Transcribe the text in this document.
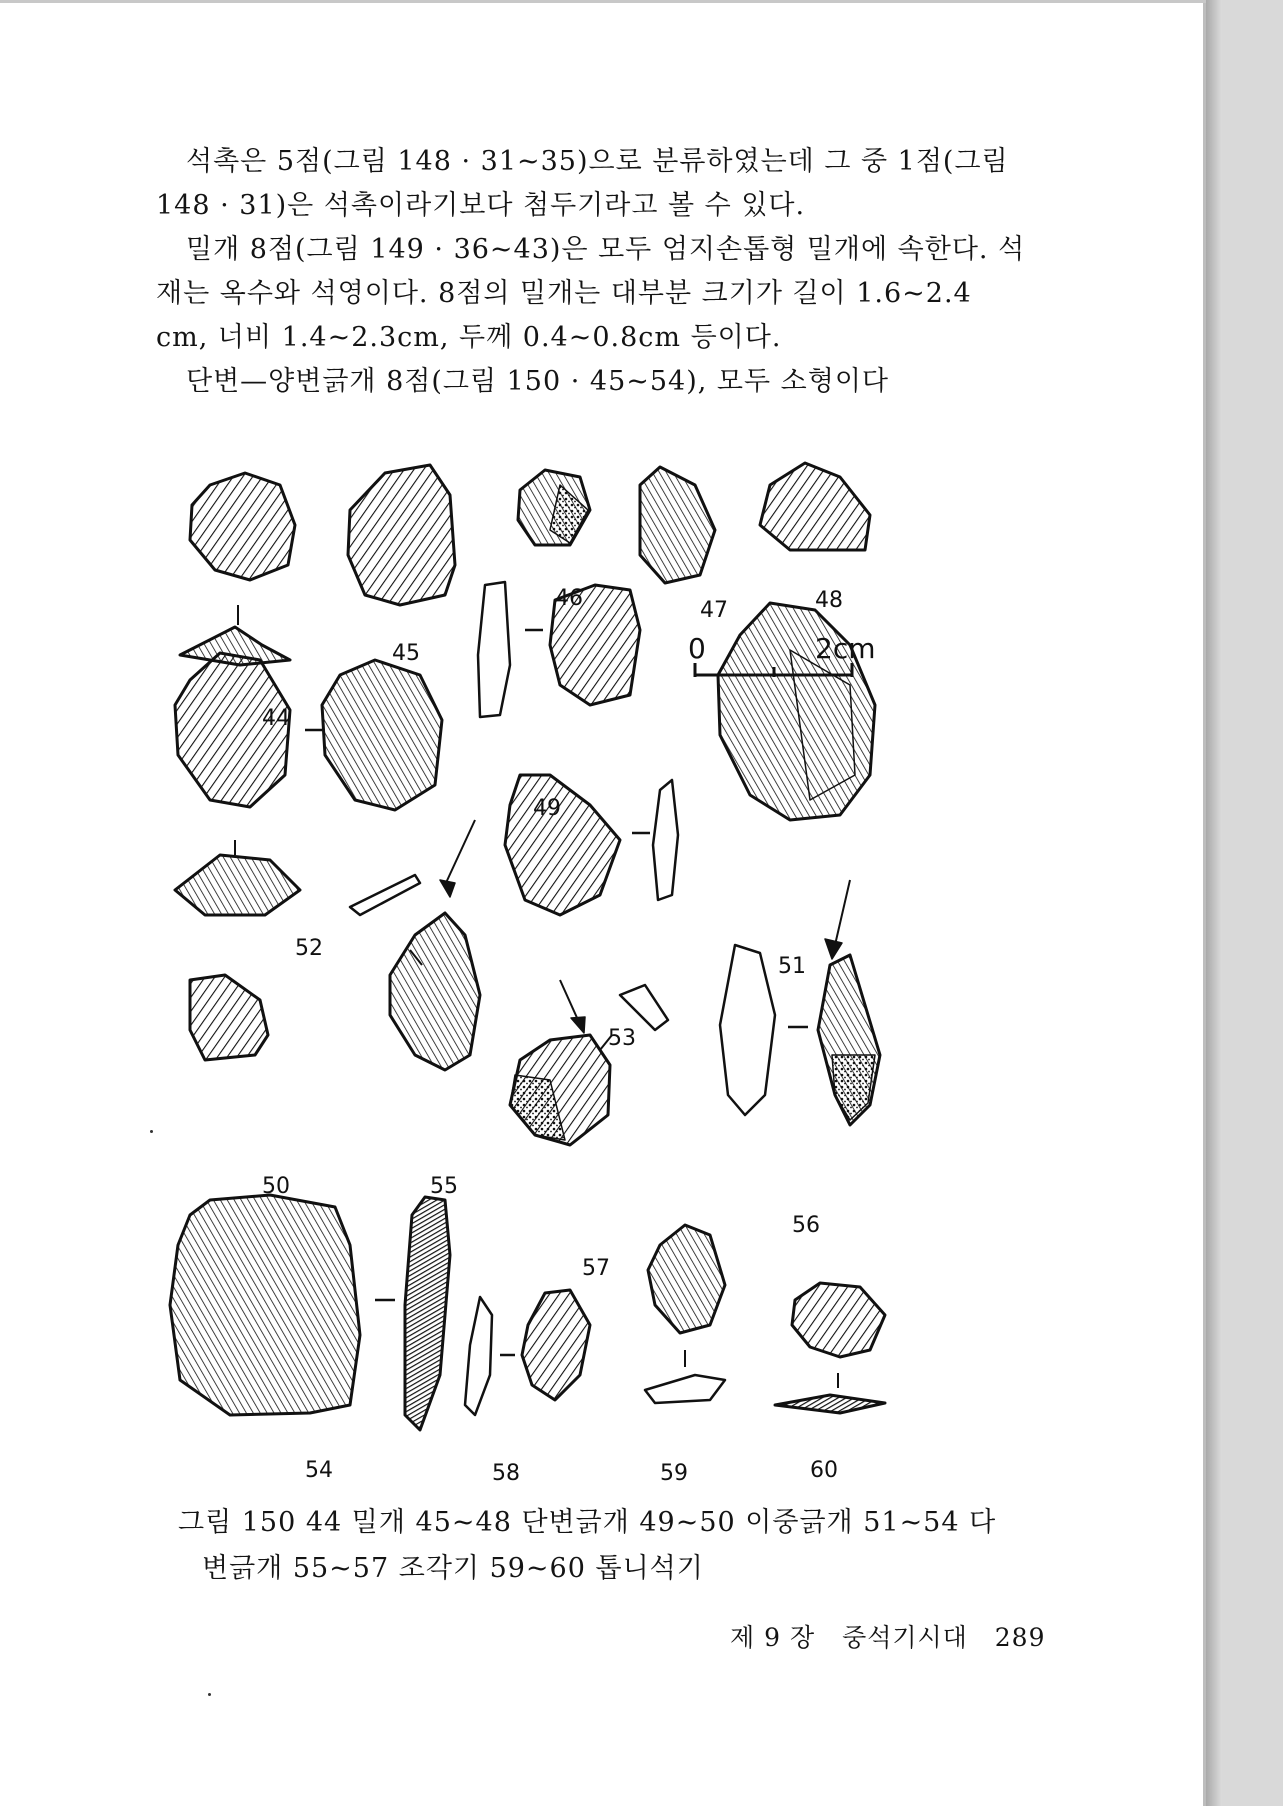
석촉은 5점(그림 148 · 31~35)으로 분류하였는데 그 중 1점(그림

148 · 31)은 석촉이라기보다 첨두기라고 볼 수 있다.

밀개 8점(그림 149 · 36~43)은 모두 엄지손톱형 밀개에 속한다. 석

재는 옥수와 석영이다. 8점의 밀개는 대부분 크기가 길이 1.6~2.4

cm, 너비 1.4~2.3cm, 두께 0.4~0.8cm 등이다.

단변—양변긁개 8점(그림 150 · 45~54), 모두 소형이다

0	2cm
44
45
46	47	48
49
50
51
52
53
54
55
56
57
58	59	60
그림 150 44 밀개 45~48 단변긁개 49~50 이중긁개 51~54 다
변긁개 55~57 조각기 59~60 톱니석기
제 9 장 중석기시대 289
